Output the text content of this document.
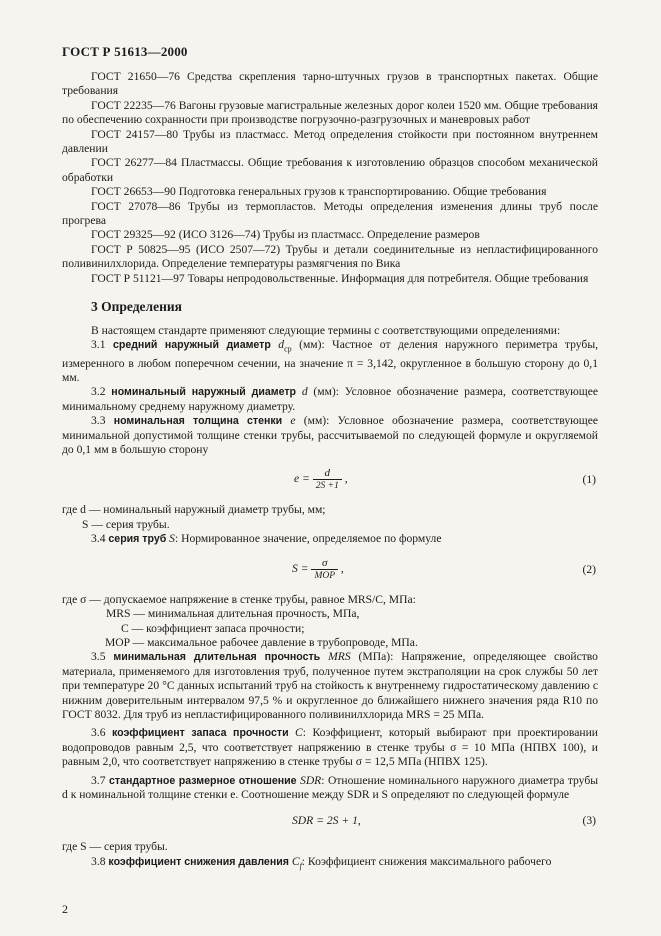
ГОСТ Р 51613—2000

ГОСТ 21650—76 Средства скрепления тарно-штучных грузов в транспортных пакетах. Общие требования

ГОСТ 22235—76 Вагоны грузовые магистральные железных дорог колеи 1520 мм. Общие требования по обеспечению сохранности при производстве погрузочно-разгрузочных и маневровых работ

ГОСТ 24157—80 Трубы из пластмасс. Метод определения стойкости при постоянном внутреннем давлении

ГОСТ 26277—84 Пластмассы. Общие требования к изготовлению образцов способом механической обработки

ГОСТ 26653—90 Подготовка генеральных грузов к транспортированию. Общие требования

ГОСТ 27078—86 Трубы из термопластов. Методы определения изменения длины труб после прогрева

ГОСТ 29325—92 (ИСО 3126—74) Трубы из пластмасс. Определение размеров

ГОСТ Р 50825—95 (ИСО 2507—72) Трубы и детали соединительные из непластифицированного поливинилхлорида. Определение температуры размягчения по Вика

ГОСТ Р 51121—97 Товары непродовольственные. Информация для потребителя. Общие требования

3 Определения

В настоящем стандарте применяют следующие термины с соответствующими определениями:

3.1 средний наружный диаметр $d_{ср}$ (мм): Частное от деления наружного периметра трубы, измеренного в любом поперечном сечении, на значение π = 3,142, округленное в большую сторону до 0,1 мм.

3.2 номинальный наружный диаметр d (мм): Условное обозначение размера, соответствующее минимальному среднему наружному диаметру.

3.3 номинальная толщина стенки e (мм): Условное обозначение размера, соответствующее минимальной допустимой толщине стенки трубы, рассчитываемой по следующей формуле и округляемой до 0,1 мм в большую сторону

$e = \frac{d}{2S +1}$ ,	(1)

где d — номинальный наружный диаметр трубы, мм;

S — серия трубы.

3.4 серия труб S: Нормированное значение, определяемое по формуле

$S = \frac{\sigma}{\text{MOP}}$ ,	(2)

где σ — допускаемое напряжение в стенке трубы, равное MRS/C, МПа:

MRS — минимальная длительная прочность, МПа,

C — коэффициент запаса прочности;

MOP — максимальное рабочее давление в трубопроводе, МПа.

3.5 минимальная длительная прочность MRS (МПа): Напряжение, определяющее свойство материала, применяемого для изготовления труб, полученное путем экстраполяции на срок службы 50 лет при температуре 20 °С данных испытаний труб на стойкость к внутреннему гидростатическому давлению с нижним доверительным интервалом 97,5 % и округленное до ближайшего нижнего значения ряда R10 по ГОСТ 8032. Для труб из непластифицированного поливинилхлорида MRS = 25 МПа.

3.6 коэффициент запаса прочности C: Коэффициент, который выбирают при проектировании водопроводов равным 2,5, что соответствует напряжению в стенке трубы σ = 10 МПа (НПВХ 100), и равным 2,0, что соответствует напряжению в стенке трубы σ = 12,5 МПа (НПВХ 125).

3.7 стандартное размерное отношение SDR: Отношение номинального наружного диаметра трубы d к номинальной толщине стенки e. Соотношение между SDR и S определяют по следующей формуле

SDR = 2S + 1,	(3)

где S — серия трубы.

3.8 коэффициент снижения давления $C_f$: Коэффициент снижения максимального рабочего

2
